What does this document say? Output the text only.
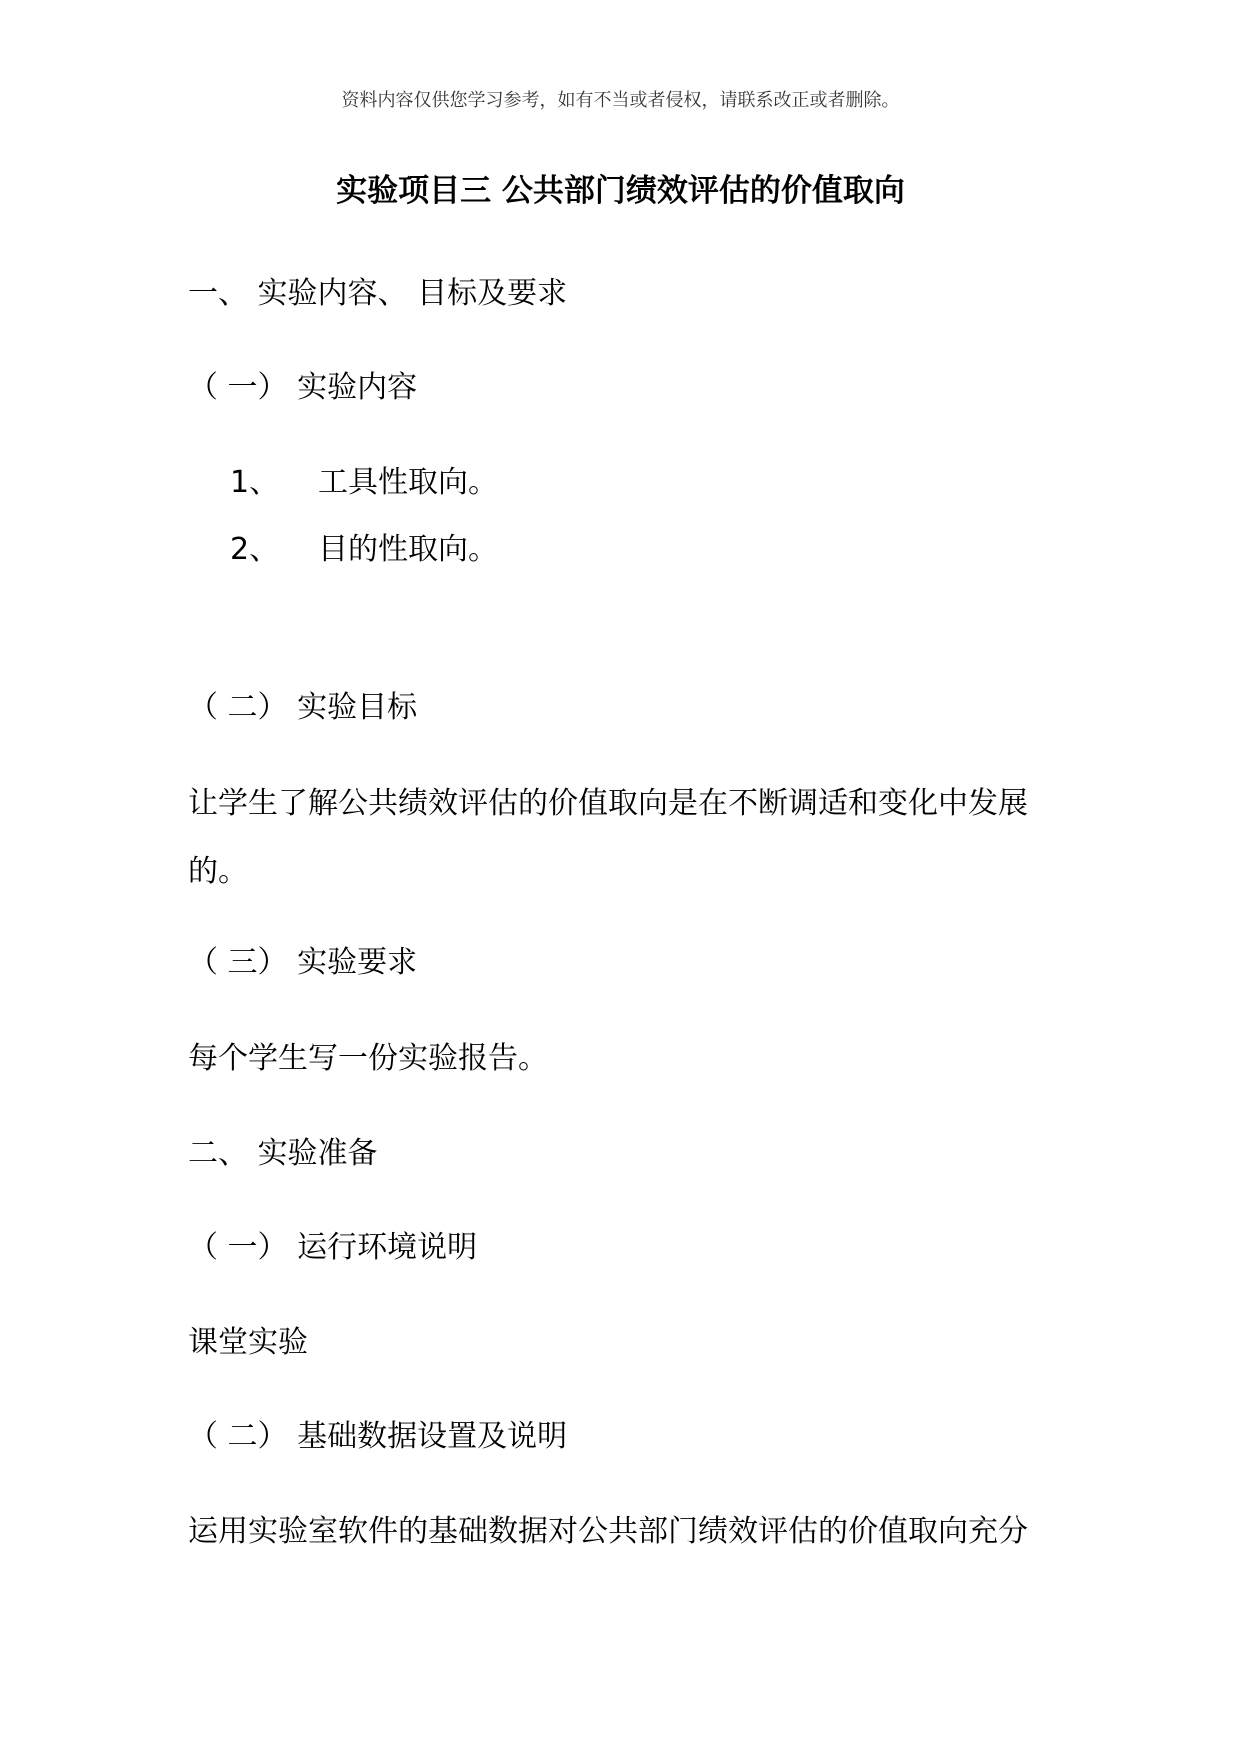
资料内容仅供您学习参考，如有不当或者侵权，请联系改正或者删除。
实验项目三 公共部门绩效评估的价值取向
一、 实验内容、 目标及要求
（ 一） 实验内容
1、 工具性取向。
2、 目的性取向。
（ 二） 实验目标
让学生了解公共绩效评估的价值取向是在不断调适和变化中发展
的。
（ 三） 实验要求
每个学生写一份实验报告。
二、 实验准备
（ 一） 运行环境说明
课堂实验
（ 二） 基础数据设置及说明
运用实验室软件的基础数据对公共部门绩效评估的价值取向充分
